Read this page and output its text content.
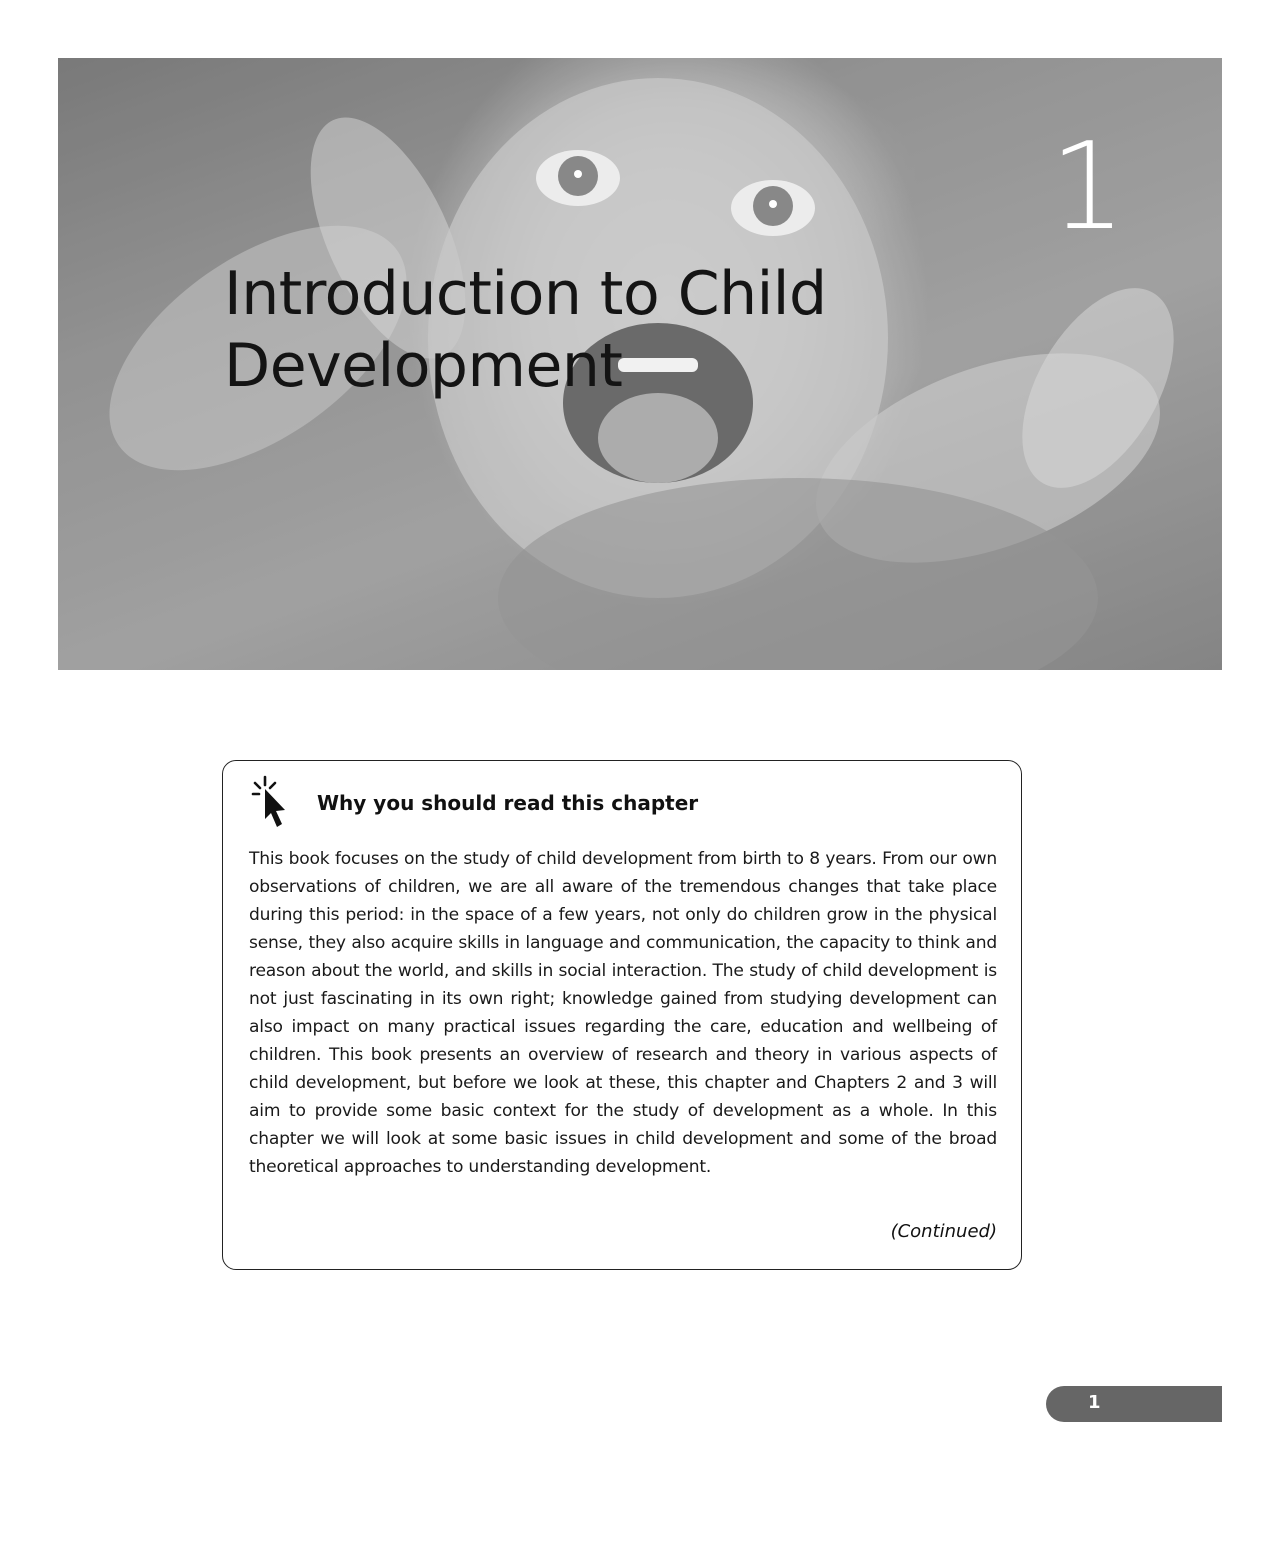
1
Introduction to Child Development
Why you should read this chapter
This book focuses on the study of child development from birth to 8 years. From our own observations of children, we are all aware of the tremendous changes that take place during this period: in the space of a few years, not only do children grow in the physical sense, they also acquire skills in language and communication, the capacity to think and reason about the world, and skills in social interaction. The study of child development is not just fascinating in its own right; knowledge gained from studying development can also impact on many practical issues regarding the care, education and wellbeing of children. This book presents an overview of research and theory in various aspects of child development, but before we look at these, this chapter and Chapters 2 and 3 will aim to provide some basic context for the study of development as a whole. In this chapter we will look at some basic issues in child development and some of the broad theoretical approaches to understanding development.
(Continued)
1
